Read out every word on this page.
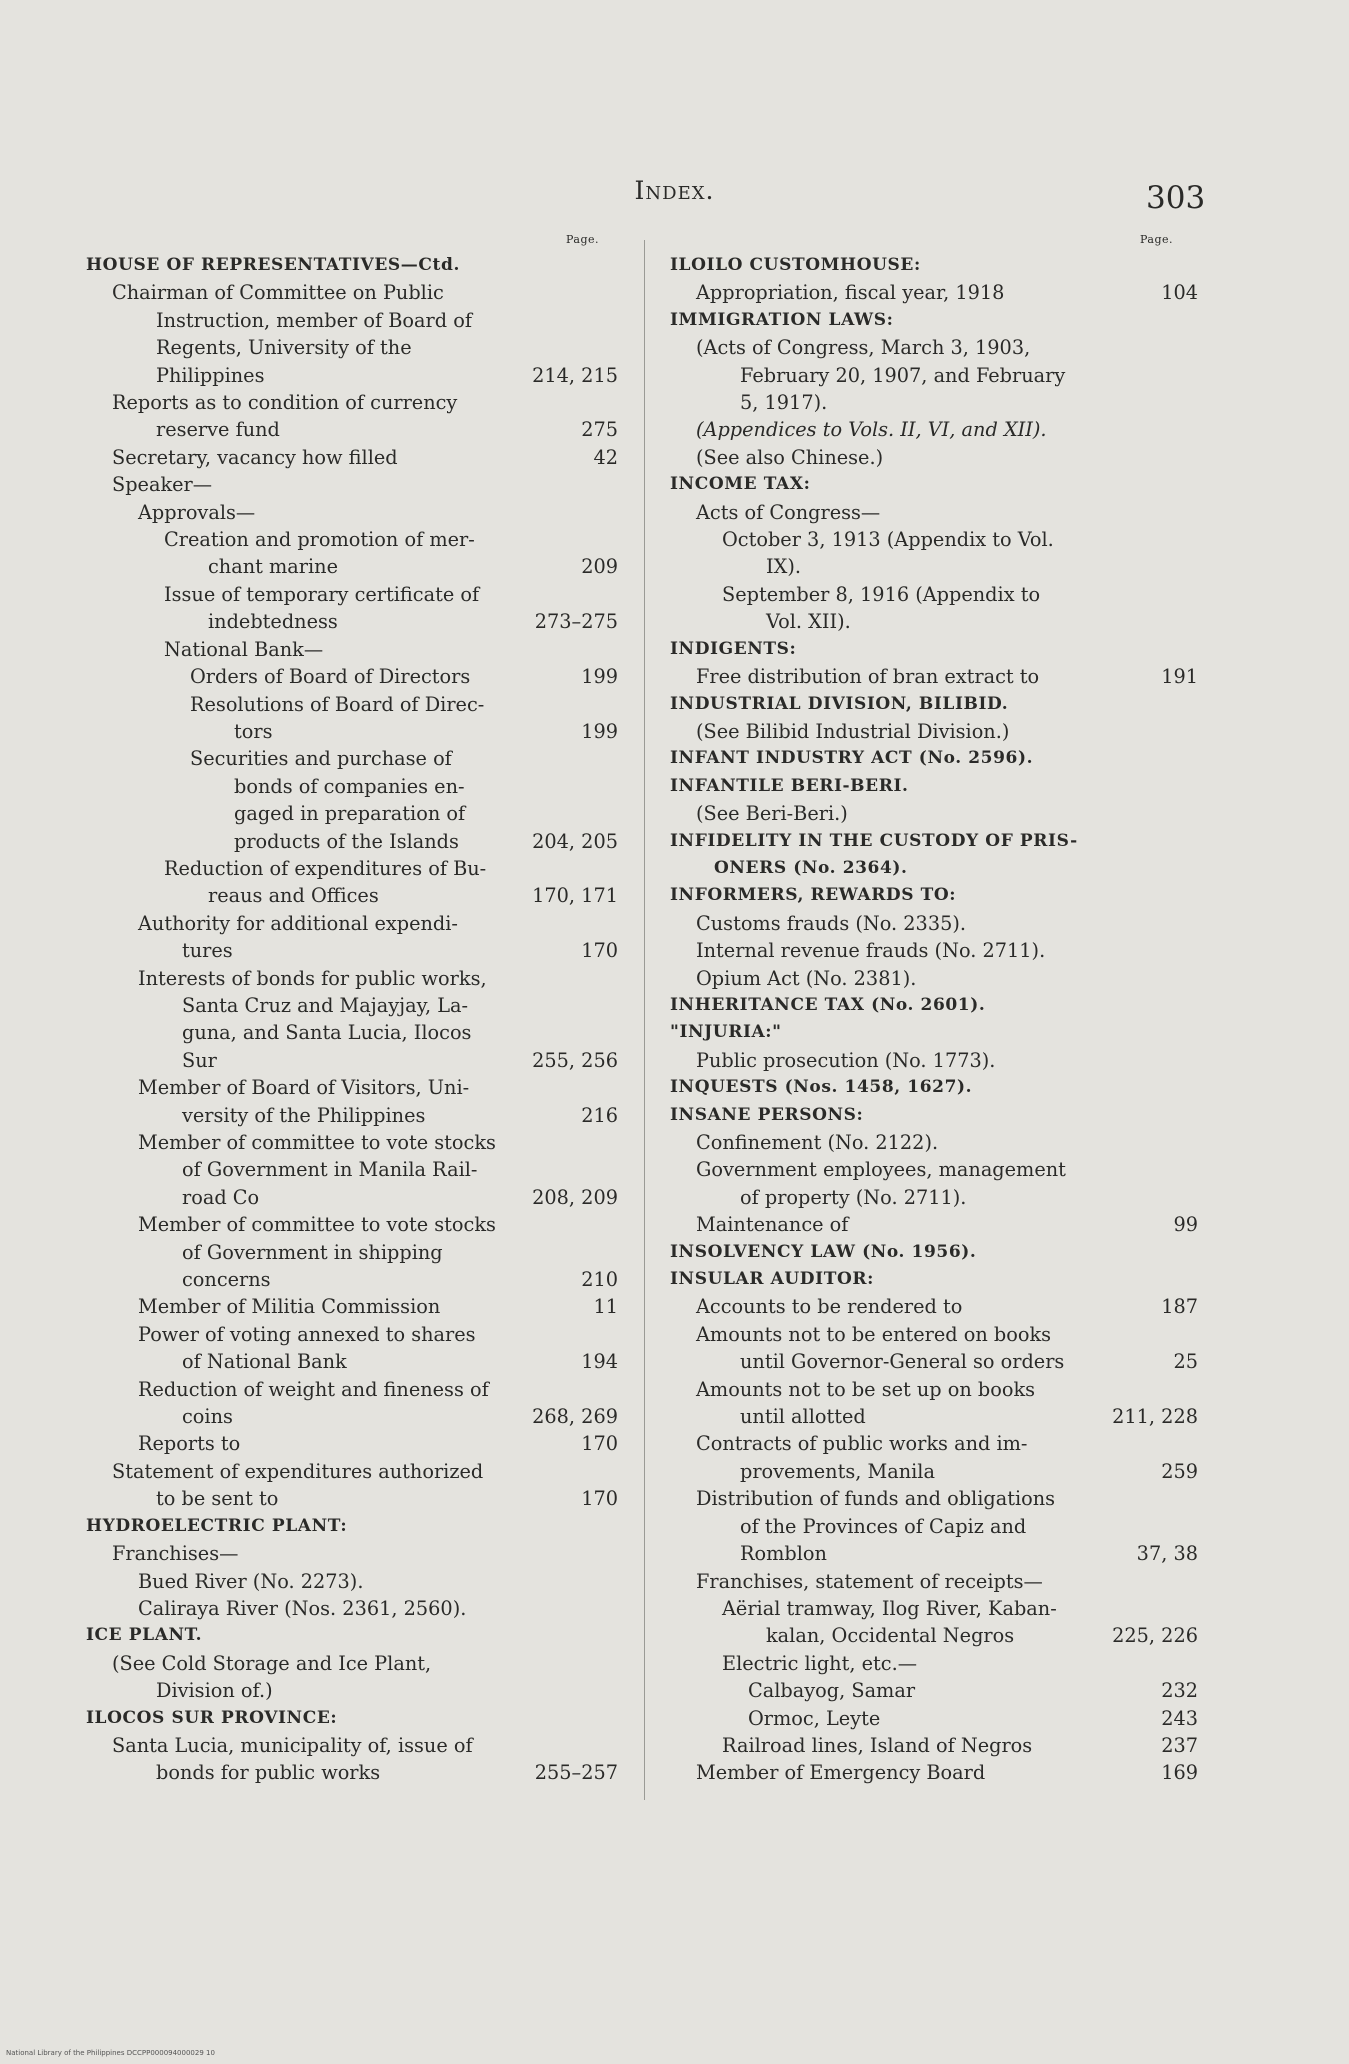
Index.	303
Page.
HOUSE OF REPRESENTATIVES—Ctd.
Chairman of Committee on Public
Instruction, member of Board of
Regents, University of the
Philippines	214, 215
Reports as to condition of currency
reserve fund	275
Secretary, vacancy how filled	42
Speaker—
Approvals—
Creation and promotion of mer-
chant marine	209
Issue of temporary certificate of
indebtedness	273–275
National Bank—
Orders of Board of Directors	199
Resolutions of Board of Direc-
tors	199
Securities and purchase of
bonds of companies en-
gaged in preparation of
products of the Islands	204, 205
Reduction of expenditures of Bu-
reaus and Offices	170, 171
Authority for additional expendi-
tures	170
Interests of bonds for public works,
Santa Cruz and Majayjay, La-
guna, and Santa Lucia, Ilocos
Sur	255, 256
Member of Board of Visitors, Uni-
versity of the Philippines	216
Member of committee to vote stocks
of Government in Manila Rail-
road Co	208, 209
Member of committee to vote stocks
of Government in shipping
concerns	210
Member of Militia Commission	11
Power of voting annexed to shares
of National Bank	194
Reduction of weight and fineness of
coins	268, 269
Reports to	170
Statement of expenditures authorized
to be sent to	170
HYDROELECTRIC PLANT:
Franchises—
Bued River (No. 2273).
Caliraya River (Nos. 2361, 2560).
ICE PLANT.
(See Cold Storage and Ice Plant,
Division of.)
ILOCOS SUR PROVINCE:
Santa Lucia, municipality of, issue of
bonds for public works	255–257
Page.
ILOILO CUSTOMHOUSE:
Appropriation, fiscal year, 1918	104
IMMIGRATION LAWS:
(Acts of Congress, March 3, 1903,
February 20, 1907, and February
5, 1917).
(Appendices to Vols. II, VI, and XII).
(See also Chinese.)
INCOME TAX:
Acts of Congress—
October 3, 1913 (Appendix to Vol.
IX).
September 8, 1916 (Appendix to
Vol. XII).
INDIGENTS:
Free distribution of bran extract to	191
INDUSTRIAL DIVISION, BILIBID.
(See Bilibid Industrial Division.)
INFANT INDUSTRY ACT (No. 2596).
INFANTILE BERI-BERI.
(See Beri-Beri.)
INFIDELITY IN THE CUSTODY OF PRIS-
ONERS (No. 2364).
INFORMERS, REWARDS TO:
Customs frauds (No. 2335).
Internal revenue frauds (No. 2711).
Opium Act (No. 2381).
INHERITANCE TAX (No. 2601).
"INJURIA:"
Public prosecution (No. 1773).
INQUESTS (Nos. 1458, 1627).
INSANE PERSONS:
Confinement (No. 2122).
Government employees, management
of property (No. 2711).
Maintenance of	99
INSOLVENCY LAW (No. 1956).
INSULAR AUDITOR:
Accounts to be rendered to	187
Amounts not to be entered on books
until Governor-General so orders	25
Amounts not to be set up on books
until allotted	211, 228
Contracts of public works and im-
provements, Manila	259
Distribution of funds and obligations
of the Provinces of Capiz and
Romblon	37, 38
Franchises, statement of receipts—
Aërial tramway, Ilog River, Kaban-
kalan, Occidental Negros	225, 226
Electric light, etc.—
Calbayog, Samar	232
Ormoc, Leyte	243
Railroad lines, Island of Negros	237
Member of Emergency Board	169
National Library of the Philippines DCCPP000094000029 10
